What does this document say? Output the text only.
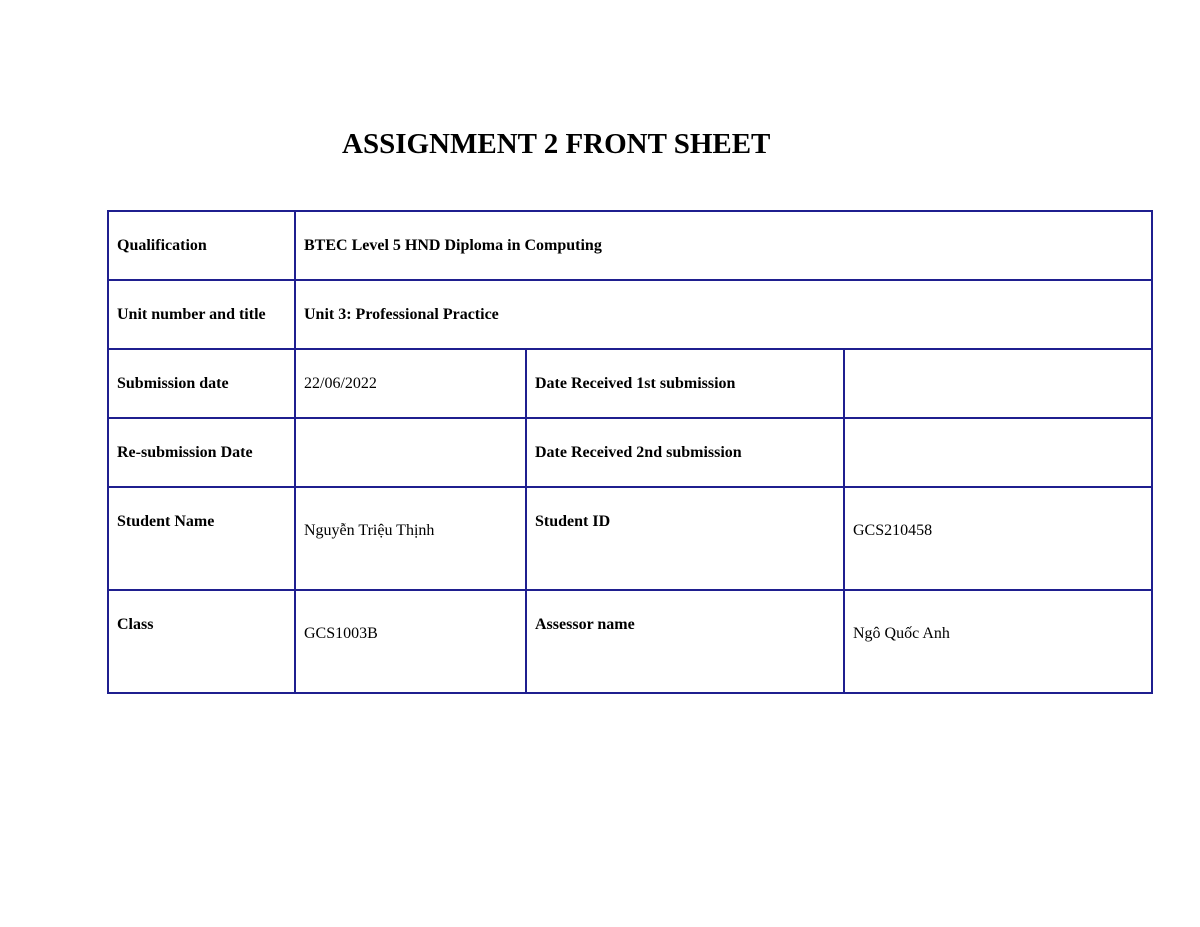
ASSIGNMENT 2 FRONT SHEET
Qualification	BTEC Level 5 HND Diploma in Computing		
Unit number and title	Unit 3: Professional Practice		
Submission date	22/06/2022	Date Received 1st submission	
Re-submission Date		Date Received 2nd submission	
Student Name	Nguyễn Triệu Thịnh	Student ID	GCS210458
Class	GCS1003B	Assessor name	Ngô Quốc Anh
